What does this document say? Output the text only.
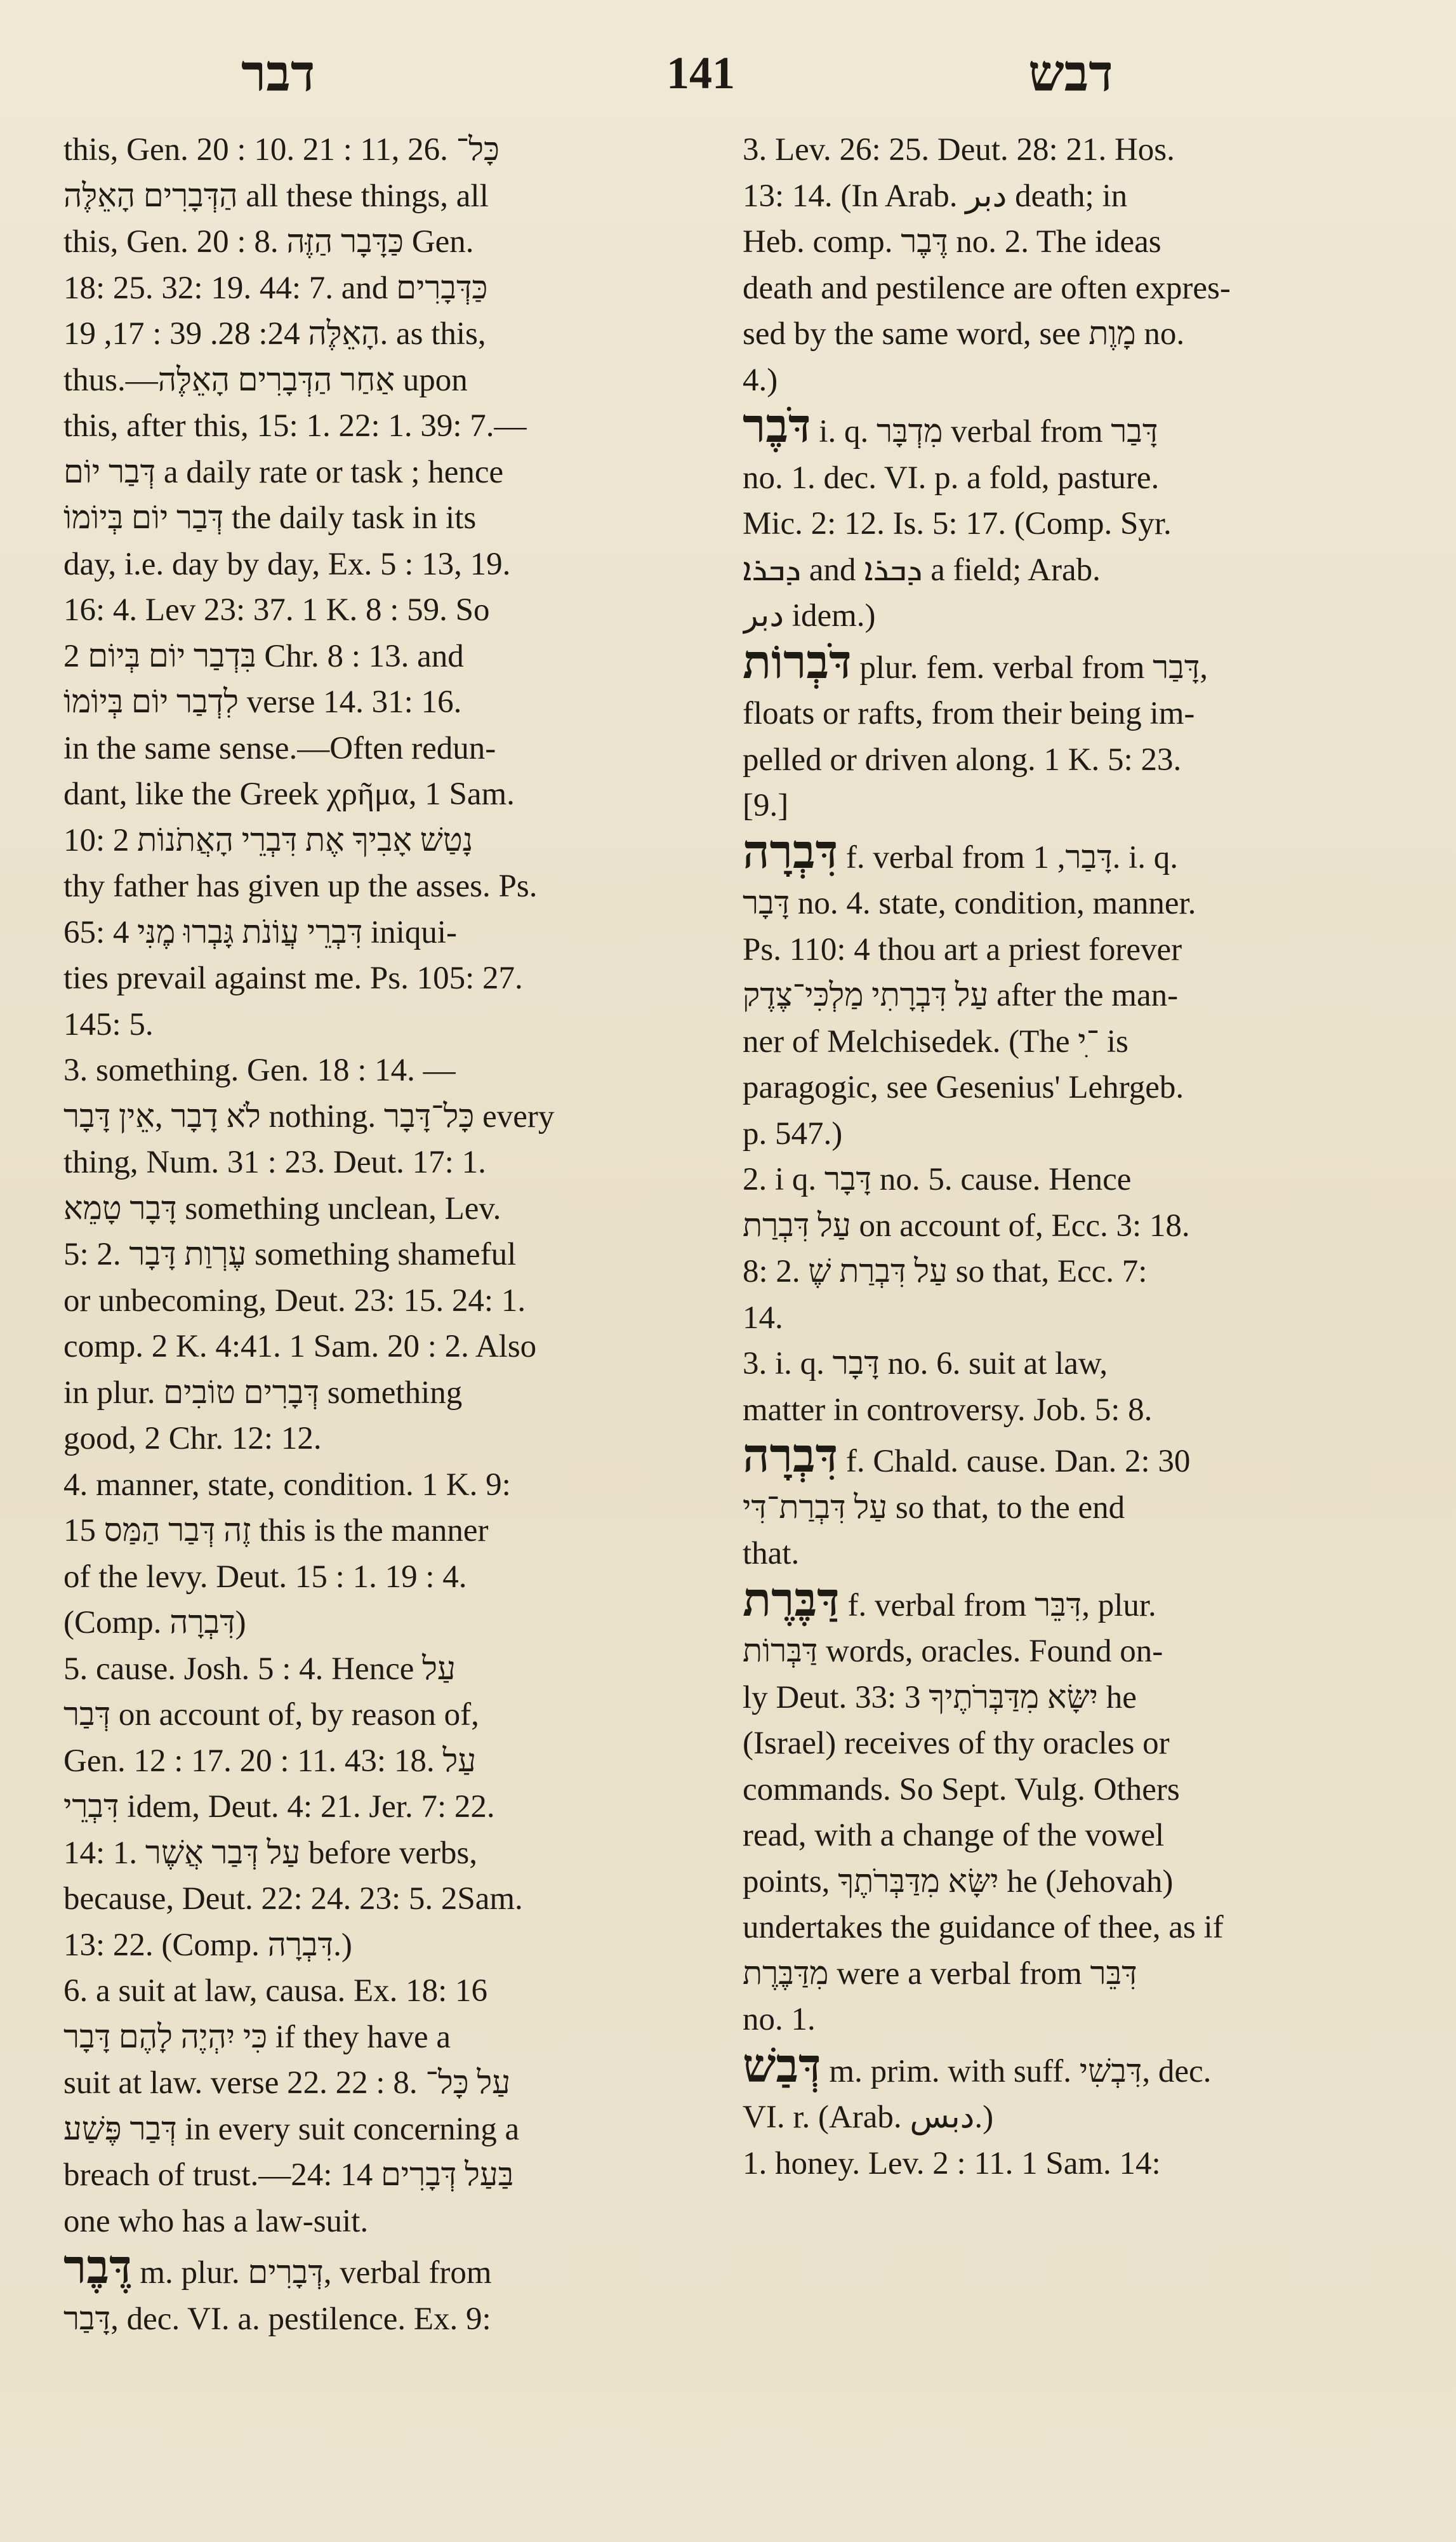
דבר	141	דבש
this, Gen. 20 : 10. 21 : 11, 26. כָּל־
הַדְּבָרִים הָאֵלֶּה all these things, all
this, Gen. 20 : 8. כַּדָּבָר הַזֶּה Gen.
18: 25. 32: 19. 44: 7. and כַּדְּבָרִים
הָאֵלֶּה 24: 28. 39 : 17, 19. as this,
thus.—אַחַר הַדְּבָרִים הָאֵלֶּה upon
this, after this, 15: 1. 22: 1. 39: 7.—
דְּבַר יוֹם a daily rate or task ; hence
דְּבַר יוֹם בְּיוֹמוֹ the daily task in its
day, i.e. day by day, Ex. 5 : 13, 19.
16: 4. Lev 23: 37. 1 K. 8 : 59. So
בִּדְבַר יוֹם בְּיוֹם 2 Chr. 8 : 13. and
לִדְבַר יוֹם בְּיוֹמוֹ verse 14. 31: 16.
in the same sense.—Often redun-
dant, like the Greek χρῆμα, 1 Sam.
10: 2 נָטַשׁ אָבִיךָ אֶת דִּבְרֵי הָאֲתֹנוֹת
thy father has given up the asses. Ps.
65: 4 דִּבְרֵי עֲוֹנֹת גָּבְרוּ מֶנִּי iniqui-
ties prevail against me. Ps. 105: 27.
145: 5.
3. something. Gen. 18 : 14. —
לֹא דָבָר ,אֵין דָּבָר nothing. כָּל־דָּבָר every
thing, Num. 31 : 23. Deut. 17: 1.
דָּבָר טָמֵא something unclean, Lev.
5: 2. עֶרְוַת דָּבָר something shameful
or unbecoming, Deut. 23: 15. 24: 1.
comp. 2 K. 4:41. 1 Sam. 20 : 2. Also
in plur. דְּבָרִים טוֹבִים something
good, 2 Chr. 12: 12.
4. manner, state, condition. 1 K. 9:
15 זֶה דְּבַר הַמַּס this is the manner
of the levy. Deut. 15 : 1. 19 : 4.
(Comp. דִּבְרָה)
5. cause. Josh. 5 : 4. Hence עַל
דְּבַר on account of, by reason of,
Gen. 12 : 17. 20 : 11. 43: 18. עַל
דִּבְרֵי idem, Deut. 4: 21. Jer. 7: 22.
14: 1. עַל דְּבַר אֲשֶׁר before verbs,
because, Deut. 22: 24. 23: 5. 2Sam.
13: 22. (Comp. דִּבְרָה.)
6. a suit at law, causa. Ex. 18: 16
כִּי יִהְיֶה לָהֶם דָּבָר if they have a
suit at law. verse 22. 22 : 8. עַל כָּל־
דְּבַר פֶּשַׁע in every suit concerning a
breach of trust.—24: 14 בַּעַל דְּבָרִים
one who has a law-suit.
דֶּבֶר m. plur. דְּבָרִים, verbal from
דָּבַר, dec. VI. a. pestilence. Ex. 9:
3. Lev. 26: 25. Deut. 28: 21. Hos.
13: 14. (In Arab. دبر death; in
Heb. comp. דֶּבֶר no. 2. The ideas
death and pestilence are often expres-
sed by the same word, see מָוֶת no.
4.)
דֹּבֶר i. q. מִדְבָּר verbal from דָּבַר
no. 1. dec. VI. p. a fold, pasture.
Mic. 2: 12. Is. 5: 17. (Comp. Syr.
ܕܒܪܐ and ܕܒܪܐ a field; Arab.
دبر idem.)
דֹּבְרוֹת plur. fem. verbal from דָּבַר,
floats or rafts, from their being im-
pelled or driven along. 1 K. 5: 23.
[9.]
דִּבְרָה f. verbal from דָּבַר, 1. i. q.
דָּבָר no. 4. state, condition, manner.
Ps. 110: 4 thou art a priest forever
עַל דִּבְרָתִי מַלְכִּי־צֶדֶק after the man-
ner of Melchisedek. (The ־ִי is
paragogic, see Gesenius' Lehrgeb.
p. 547.)
2. i q. דָּבָר no. 5. cause. Hence
עַל דִּבְרַת on account of, Ecc. 3: 18.
8: 2. עַל דִּבְרַת שֶׁ so that, Ecc. 7:
14.
3. i. q. דָּבָר no. 6. suit at law,
matter in controversy. Job. 5: 8.
דִּבְרָה f. Chald. cause. Dan. 2: 30
עַל דִּבְרַת־דִּי so that, to the end
that.
דַּבֶּרֶת f. verbal from דִּבֵּר, plur.
דַּבְּרוֹת words, oracles. Found on-
ly Deut. 33: 3 יִשָּׂא מִדַּבְּרֹתֶיךָ he
(Israel) receives of thy oracles or
commands. So Sept. Vulg. Others
read, with a change of the vowel
points, יִשָּׂא מִדַּבְּרֹתֶךָ he (Jehovah)
undertakes the guidance of thee, as if
מִדַּבֶּרֶת were a verbal from דִּבֵּר
no. 1.
דְּבַשׁ m. prim. with suff. דִּבְשִׁי, dec.
VI. r. (Arab. دبس.)
1. honey. Lev. 2 : 11. 1 Sam. 14:
